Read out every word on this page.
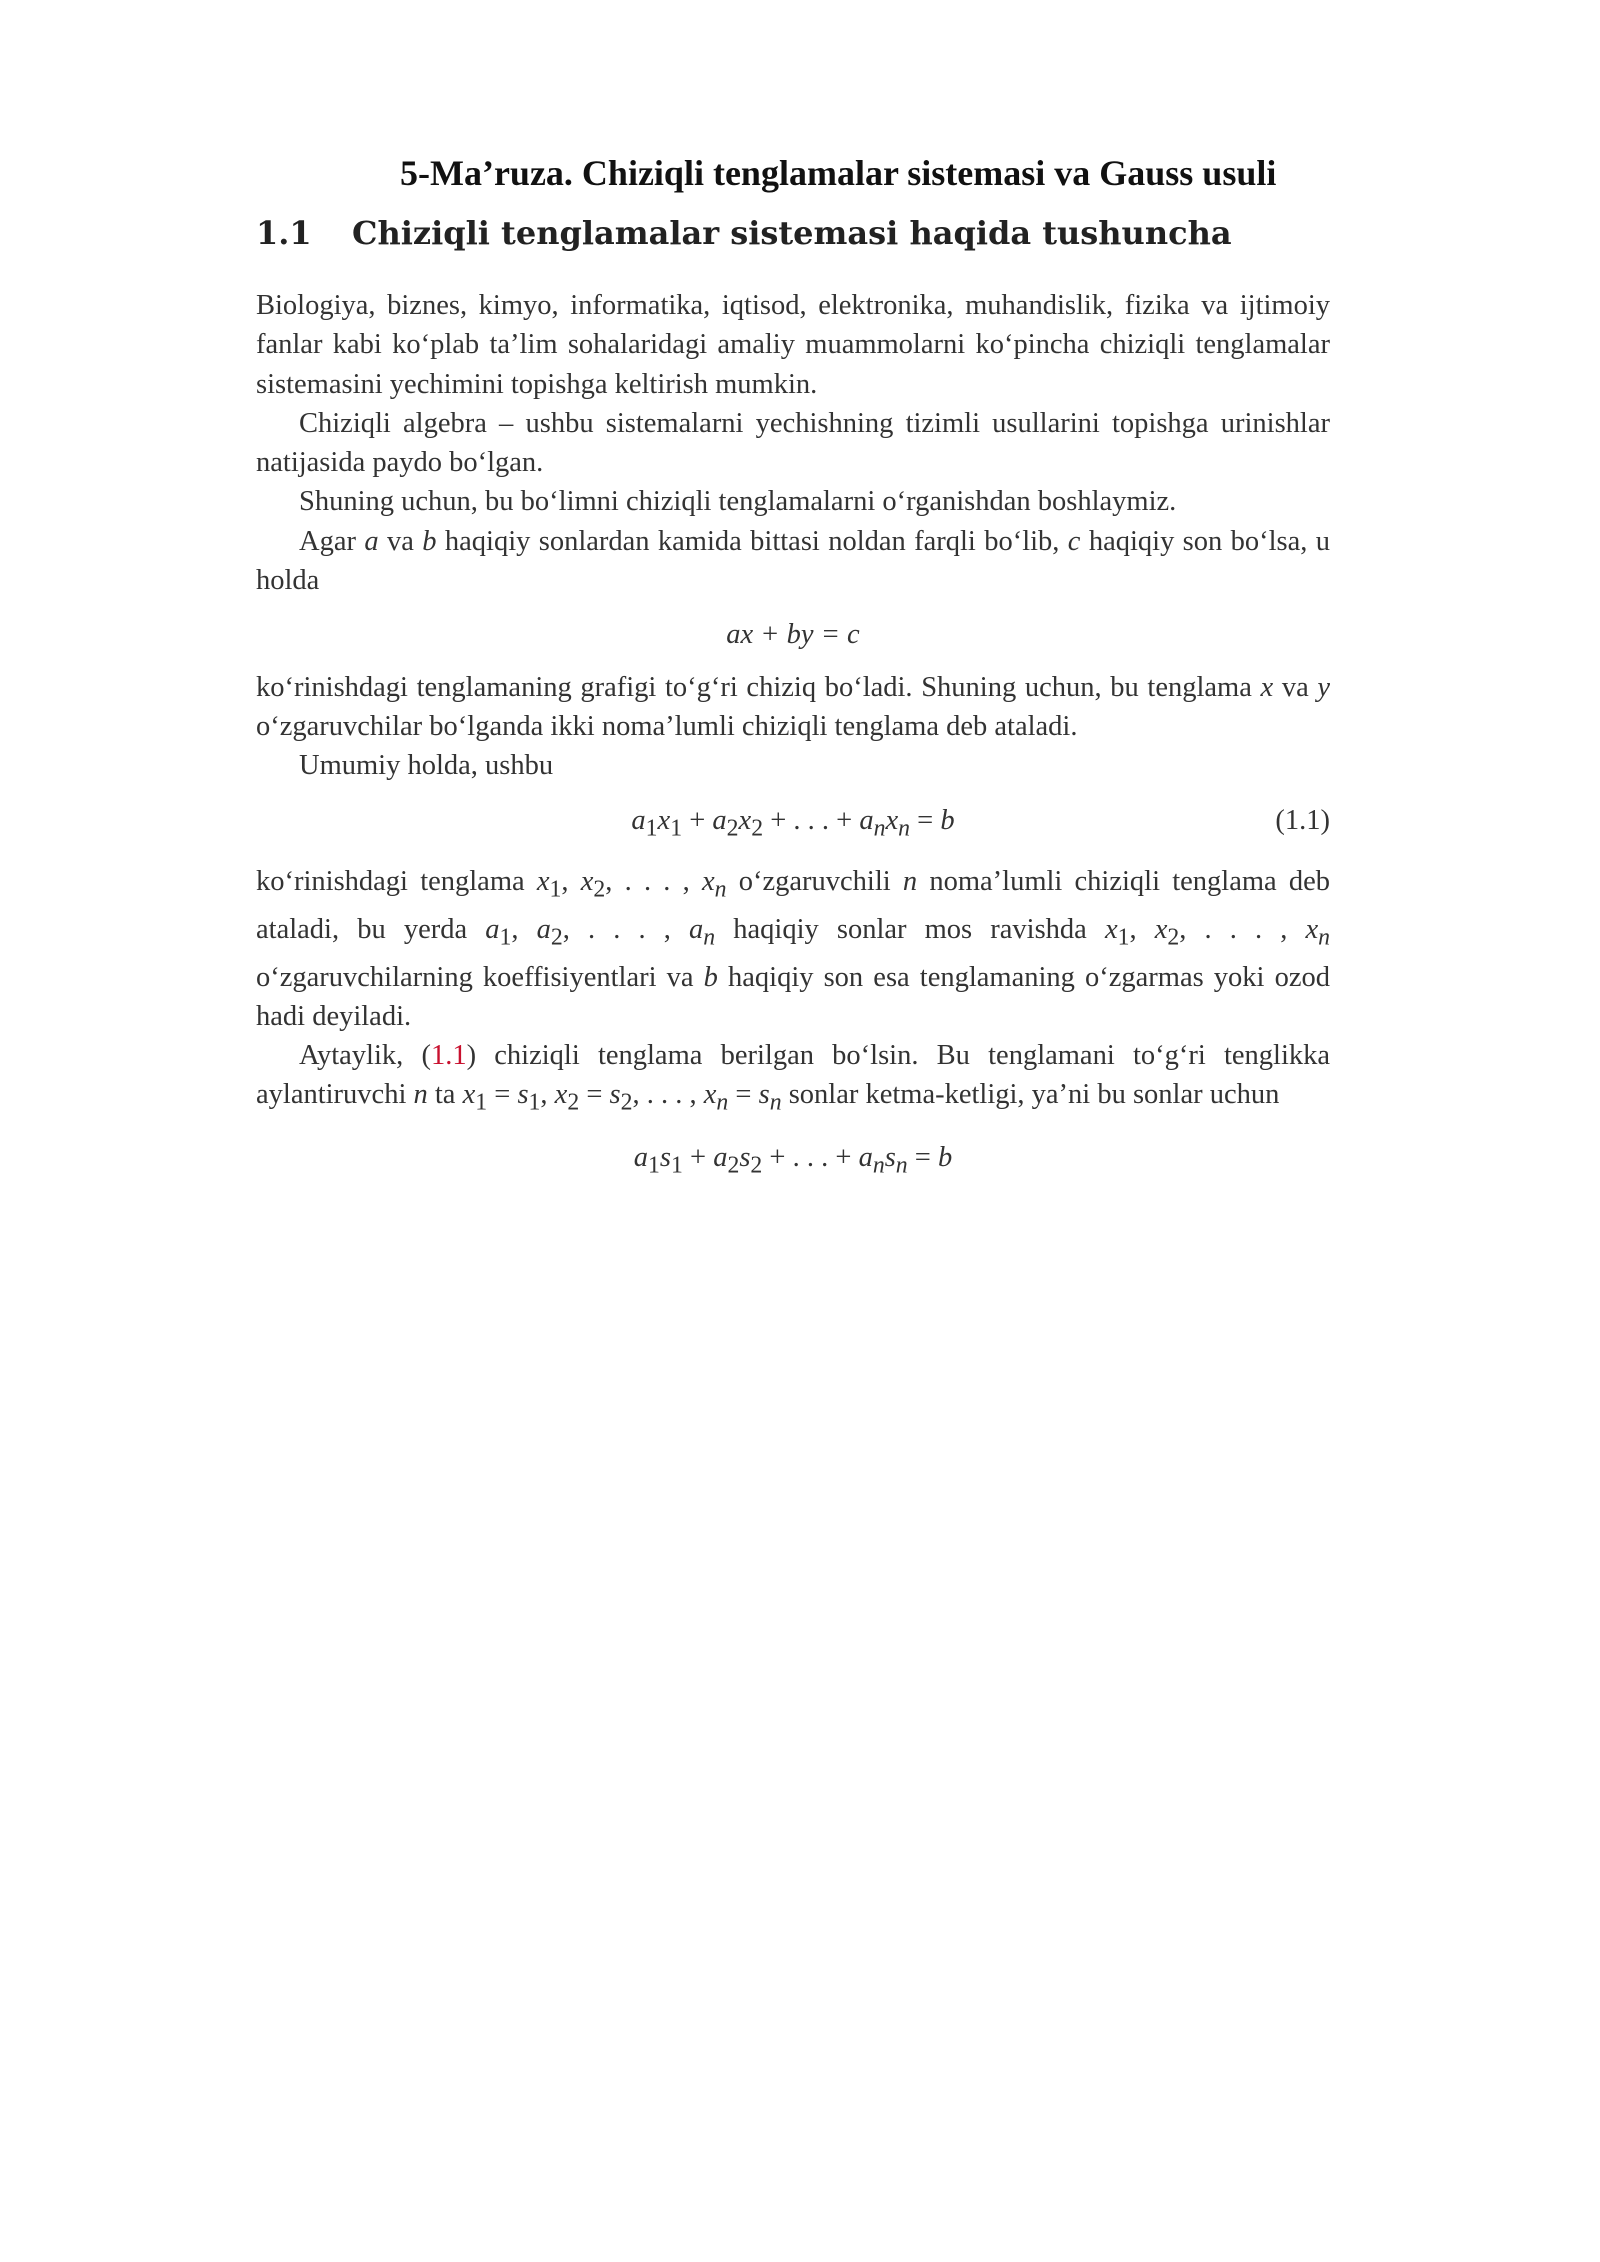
5-Ma’ruza. Chiziqli tenglamalar sistemasi va Gauss usuli
1.1 Chiziqli tenglamalar sistemasi haqida tushuncha

Biologiya, biznes, kimyo, informatika, iqtisod, elektronika, muhandislik, fizika va ijtimoiy fanlar kabi ko‘plab ta’lim sohalaridagi amaliy muammolarni ko‘pincha chiziqli tenglamalar sistemasini yechimini topishga keltirish mumkin.

Chiziqli algebra – ushbu sistemalarni yechishning tizimli usullarini topishga urinishlar natijasida paydo bo‘lgan.

Shuning uchun, bu bo‘limni chiziqli tenglamalarni o‘rganishdan boshlaymiz.

Agar a va b haqiqiy sonlardan kamida bittasi noldan farqli bo‘lib, c haqiqiy son bo‘lsa, u holda

ax + by = c

ko‘rinishdagi tenglamaning grafigi to‘g‘ri chiziq bo‘ladi. Shuning uchun, bu tenglama x va y o‘zgaruvchilar bo‘lganda ikki noma’lumli chiziqli tenglama deb ataladi.

Umumiy holda, ushbu

$a_1x_1 + a_2x_2$ + . . . + $a_nx_n = b$	(1.1)

ko‘rinishdagi tenglama $x_1$, $x_2$, . . . , $x_n$ o‘zgaruvchili n noma’lumli chiziqli tenglama deb ataladi, bu yerda $a_1$, $a_2$, . . . , $a_n$ haqiqiy sonlar mos ravishda $x_1$, $x_2$, . . . , $x_n$ o‘zgaruvchilarning koeffisiyentlari va b haqiqiy son esa tenglamaning o‘zgarmas yoki ozod hadi deyiladi.

Aytaylik, (1.1) chiziqli tenglama berilgan bo‘lsin. Bu tenglamani to‘g‘ri tenglikka aylantiruvchi n ta $x_1 = s_1$, $x_2 = s_2$, . . . , $x_n = s_n$ sonlar ketma-ketligi, ya’ni bu sonlar uchun

$a_1s_1 + a_2s_2$ + . . . + $a_ns_n = b$
